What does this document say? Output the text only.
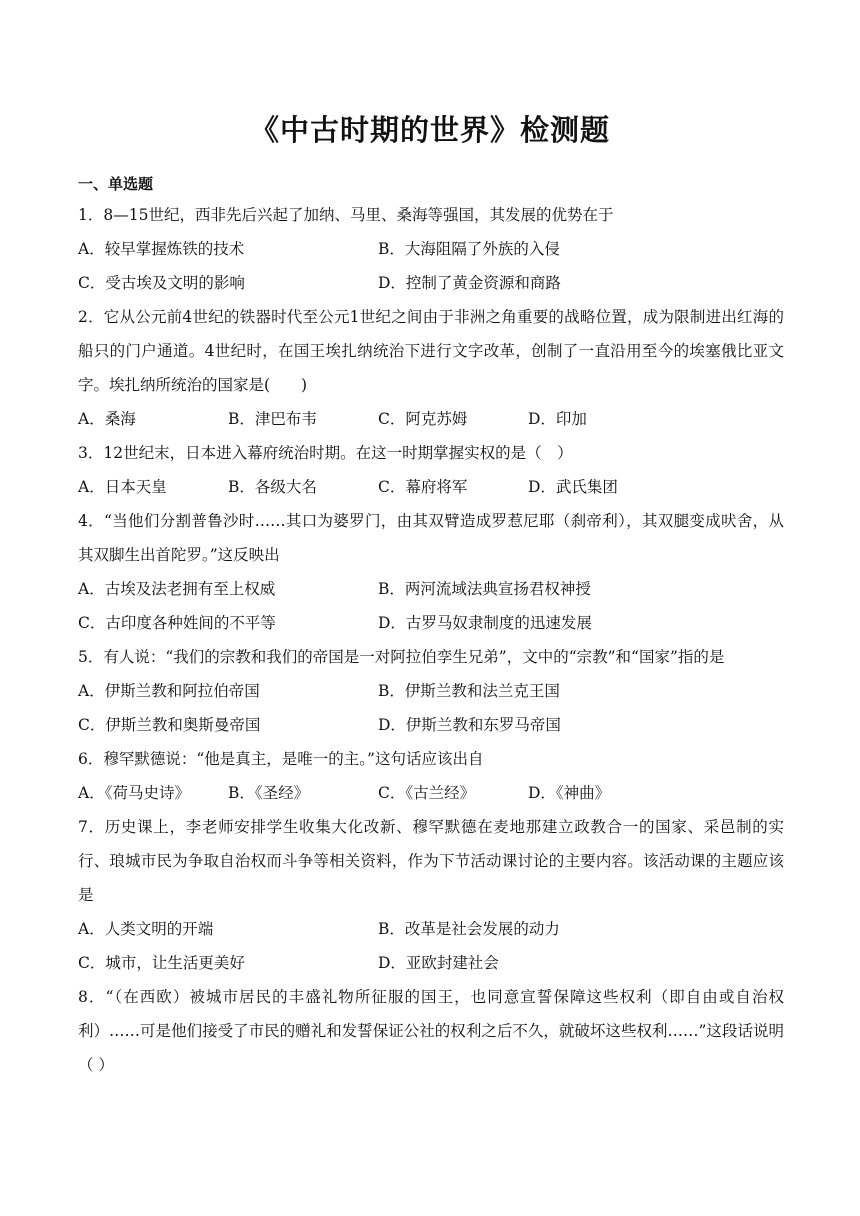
《中古时期的世界》检测题
一、单选题

1．8—15世纪，西非先后兴起了加纳、马里、桑海等强国，其发展的优势在于

A．较早掌握炼铁的技术	B．大海阻隔了外族的入侵
C．受古埃及文明的影响	D．控制了黄金资源和商路

2．它从公元前4世纪的铁器时代至公元1世纪之间由于非洲之角重要的战略位置，成为限制进出红海的船只的门户通道。4世纪时，在国王埃扎纳统治下进行文字改革，创制了一直沿用至今的埃塞俄比亚文字。埃扎纳所统治的国家是(　　)

A．桑海	B．津巴布韦	C．阿克苏姆	D．印加

3．12世纪末，日本进入幕府统治时期。在这一时期掌握实权的是（　）

A．日本天皇	B．各级大名	C．幕府将军	D．武氏集团

4．“当他们分割普鲁沙时……其口为婆罗门，由其双臂造成罗惹尼耶（刹帝利），其双腿变成吠舍，从其双脚生出首陀罗。”这反映出

A．古埃及法老拥有至上权威	B．两河流域法典宣扬君权神授
C．古印度各种姓间的不平等	D．古罗马奴隶制度的迅速发展

5．有人说：“我们的宗教和我们的帝国是一对阿拉伯孪生兄弟”，文中的“宗教”和“国家”指的是

A．伊斯兰教和阿拉伯帝国	B．伊斯兰教和法兰克王国
C．伊斯兰教和奥斯曼帝国	D．伊斯兰教和东罗马帝国

6．穆罕默德说：“他是真主，是唯一的主。”这句话应该出自

A．《荷马史诗》	B．《圣经》	C．《古兰经》	D．《神曲》

7．历史课上，李老师安排学生收集大化改新、穆罕默德在麦地那建立政教合一的国家、采邑制的实行、琅城市民为争取自治权而斗争等相关资料，作为下节活动课讨论的主要内容。该活动课的主题应该是

A．人类文明的开端	B．改革是社会发展的动力
C．城市，让生活更美好	D．亚欧封建社会

8．“（在西欧）被城市居民的丰盛礼物所征服的国王，也同意宣誓保障这些权利（即自由或自治权利）……可是他们接受了市民的赠礼和发誓保证公社的权利之后不久，就破坏这些权利……”这段话说明（ ）
